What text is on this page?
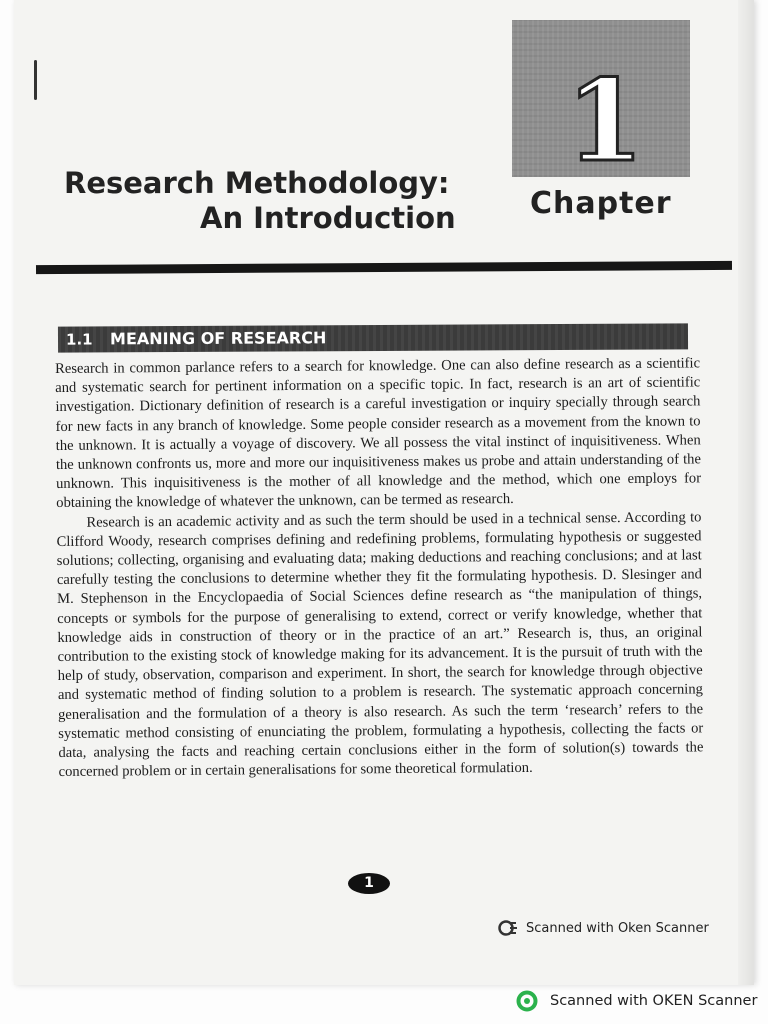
1
Chapter
Research Methodology:
An Introduction
1.1 MEANING OF RESEARCH

Research in common parlance refers to a search for knowledge. One can also define research as a scientific and systematic search for pertinent information on a specific topic. In fact, research is an art of scientific investigation. Dictionary definition of research is a careful investigation or inquiry specially through search for new facts in any branch of knowledge. Some people consider research as a movement from the known to the unknown. It is actually a voyage of discovery. We all possess the vital instinct of inquisitiveness. When the unknown confronts us, more and more our inquisitiveness makes us probe and attain understanding of the unknown. This inquisitiveness is the mother of all knowledge and the method, which one employs for obtaining the knowledge of whatever the unknown, can be termed as research.

Research is an academic activity and as such the term should be used in a technical sense. According to Clifford Woody, research comprises defining and redefining problems, formulating hypothesis or suggested solutions; collecting, organising and evaluating data; making deductions and reaching conclusions; and at last carefully testing the conclusions to determine whether they fit the formulating hypothesis. D. Slesinger and M. Stephenson in the Encyclopaedia of Social Sciences define research as “the manipulation of things, concepts or symbols for the purpose of generalising to extend, correct or verify knowledge, whether that knowledge aids in construction of theory or in the practice of an art.” Research is, thus, an original contribution to the existing stock of knowledge making for its advancement. It is the pursuit of truth with the help of study, observation, comparison and experiment. In short, the search for knowledge through objective and systematic method of finding solution to a problem is research. The systematic approach concerning generalisation and the formulation of a theory is also research. As such the term ‘research’ refers to the systematic method consisting of enunciating the problem, formulating a hypothesis, collecting the facts or data, analysing the facts and reaching certain conclusions either in the form of solution(s) towards the concerned problem or in certain generalisations for some theoretical formulation.

1
Scanned with Oken Scanner
Scanned with OKEN Scanner
